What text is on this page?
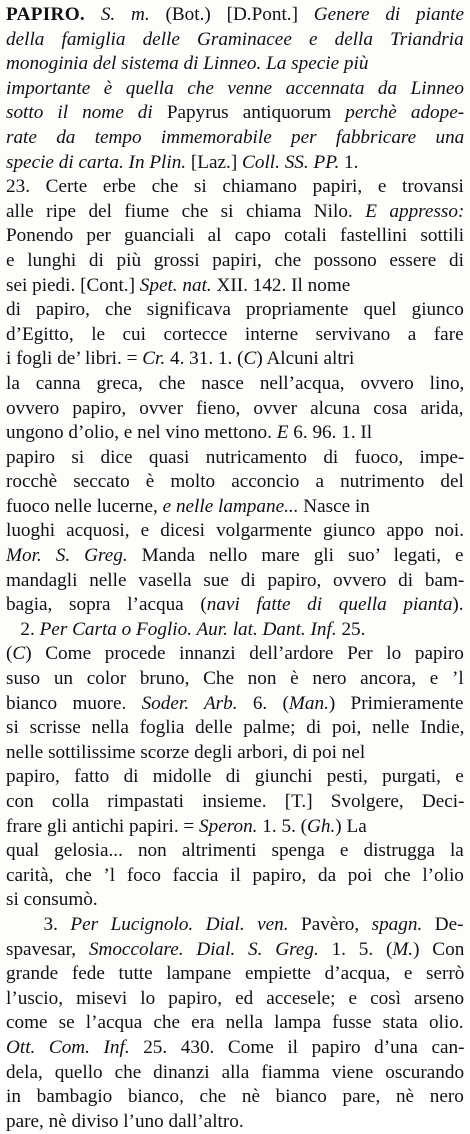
PAPIRO. S. m. (Bot.) [D.Pont.] Genere di piante
della famiglia delle Graminacee e della Triandria
monoginia del sistema di Linneo. La specie più
importante è quella che venne accennata da Linneo
sotto il nome di Papyrus antiquorum perchè adope-
rate da tempo immemorabile per fabbricare una
specie di carta. In Plin. [Laz.] Coll. SS. PP. 1.
23. Certe erbe che si chiamano papiri, e trovansi
alle ripe del fiume che si chiama Nilo. E appresso:
Ponendo per guanciali al capo cotali fastellini sottili
e lunghi di più grossi papiri, che possono essere di
sei piedi. [Cont.] Spet. nat. XII. 142. Il nome
di papiro, che significava propriamente quel giunco
d’Egitto, le cui cortecce interne servivano a fare
i fogli de’ libri. = Cr. 4. 31. 1. (C) Alcuni altri
la canna greca, che nasce nell’acqua, ovvero lino,
ovvero papiro, ovver fieno, ovver alcuna cosa arida,
ungono d’olio, e nel vino mettono. E 6. 96. 1. Il
papiro si dice quasi nutricamento di fuoco, impe-
rocchè seccato è molto acconcio a nutrimento del
fuoco nelle lucerne, e nelle lampane... Nasce in
luoghi acquosi, e dicesi volgarmente giunco appo noi.
Mor. S. Greg. Manda nello mare gli suo’ legati, e
mandagli nelle vasella sue di papiro, ovvero di bam-
bagia, sopra l’acqua (navi fatte di quella pianta).
2. Per Carta o Foglio. Aur. lat. Dant. Inf. 25.
(C) Come procede innanzi dell’ardore Per lo papiro
suso un color bruno, Che non è nero ancora, e ’l
bianco muore. Soder. Arb. 6. (Man.) Primieramente
si scrisse nella foglia delle palme; di poi, nelle Indie,
nelle sottilissime scorze degli arbori, di poi nel
papiro, fatto di midolle di giunchi pesti, purgati, e
con colla rimpastati insieme. [T.] Svolgere, Deci-
frare gli antichi papiri. = Speron. 1. 5. (Gh.) La
qual gelosia... non altrimenti spenga e distrugga la
carità, che ’l foco faccia il papiro, da poi che l’olio
si consumò.
3. Per Lucignolo. Dial. ven. Pavèro, spagn. De-
spavesar, Smoccolare. Dial. S. Greg. 1. 5. (M.) Con
grande fede tutte lampane empiette d’acqua, e serrò
l’uscio, misevi lo papiro, ed accesele; e così arseno
come se l’acqua che era nella lampa fusse stata olio.
Ott. Com. Inf. 25. 430. Come il papiro d’una can-
dela, quello che dinanzi alla fiamma viene oscurando
in bambagio bianco, che nè bianco pare, nè nero
pare, nè diviso l’uno dall’altro.
